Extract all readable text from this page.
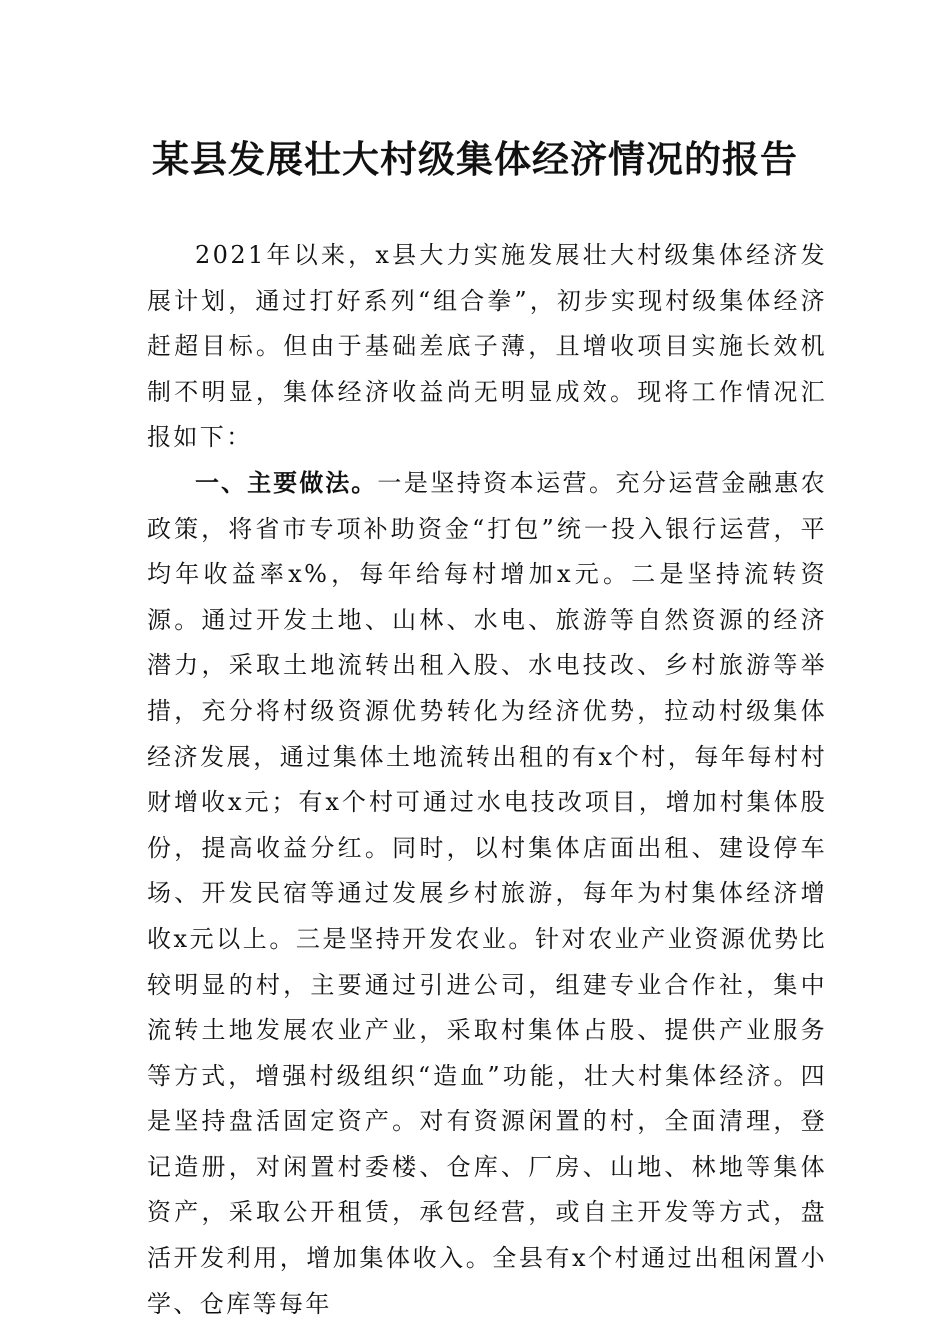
某县发展壮大村级集体经济情况的报告

2021年以来，x县大力实施发展壮大村级集体经济发展计划，通过打好系列“组合拳”，初步实现村级集体经济赶超目标。但由于基础差底子薄，且增收项目实施长效机制不明显，集体经济收益尚无明显成效。现将工作情况汇报如下：

一、主要做法。一是坚持资本运营。充分运营金融惠农政策，将省市专项补助资金“打包”统一投入银行运营，平均年收益率x%，每年给每村增加x元。二是坚持流转资源。通过开发土地、山林、水电、旅游等自然资源的经济潜力，采取土地流转出租入股、水电技改、乡村旅游等举措，充分将村级资源优势转化为经济优势，拉动村级集体经济发展，通过集体土地流转出租的有x个村，每年每村村财增收x元；有x个村可通过水电技改项目，增加村集体股份，提高收益分红。同时，以村集体店面出租、建设停车场、开发民宿等通过发展乡村旅游，每年为村集体经济增收x元以上。三是坚持开发农业。针对农业产业资源优势比较明显的村，主要通过引进公司，组建专业合作社，集中流转土地发展农业产业，采取村集体占股、提供产业服务等方式，增强村级组织“造血”功能，壮大村集体经济。四是坚持盘活固定资产。对有资源闲置的村，全面清理，登记造册，对闲置村委楼、仓库、厂房、山地、林地等集体资产，采取公开租赁，承包经营，或自主开发等方式，盘活开发利用，增加集体收入。全县有x个村通过出租闲置小学、仓库等每年
